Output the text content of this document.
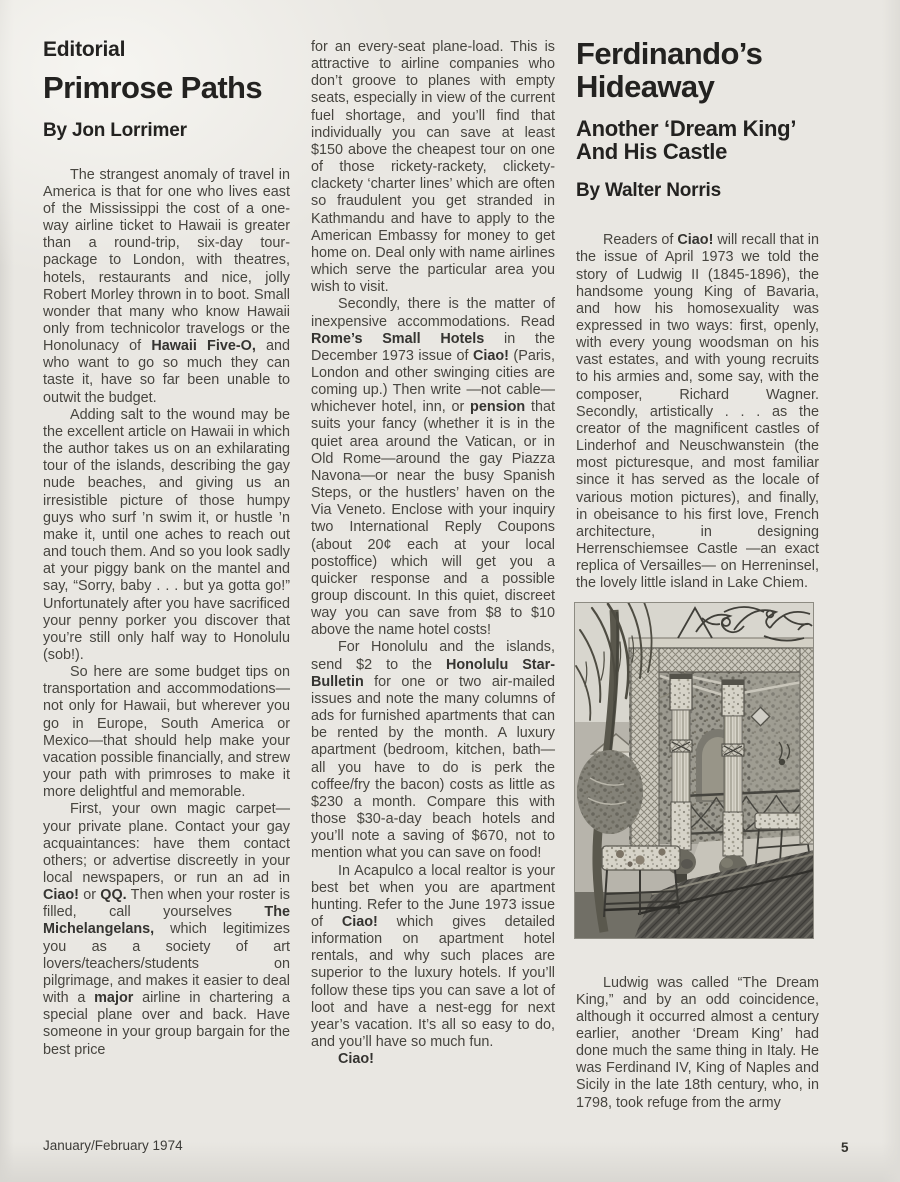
Editorial
Primrose Paths
By Jon Lorrimer

The strangest anomaly of travel in America is that for one who lives east of the Mississippi the cost of a one-way airline ticket to Hawaii is greater than a round-trip, six-day tour-package to London, with theatres, hotels, restaurants and nice, jolly Robert Morley thrown in to boot. Small wonder that many who know Hawaii only from technicolor travelogs or the Honolunacy of Hawaii Five-O, and who want to go so much they can taste it, have so far been unable to outwit the budget.

Adding salt to the wound may be the excellent article on Hawaii in which the author takes us on an exhilarating tour of the islands, describing the gay nude beaches, and giving us an irresistible picture of those humpy guys who surf ’n swim it, or hustle ’n make it, until one aches to reach out and touch them. And so you look sadly at your piggy bank on the mantel and say, “Sorry, baby . . . but ya gotta go!” Unfortunately after you have sacrificed your penny porker you discover that you’re still only half way to Honolulu (sob!).

So here are some budget tips on transportation and accommodations—not only for Hawaii, but wherever you go in Europe, South America or Mexico—that should help make your vacation possible financially, and strew your path with primroses to make it more delightful and memorable.

First, your own magic carpet—your private plane. Contact your gay acquaintances: have them contact others; or advertise discreetly in your local newspapers, or run an ad in Ciao! or QQ. Then when your roster is filled, call yourselves The Michelangelans, which legitimizes you as a society of art lovers/teachers/students on pilgrimage, and makes it easier to deal with a major airline in chartering a special plane over and back. Have someone in your group bargain for the best price

for an every-seat plane-load. This is attractive to airline companies who don’t groove to planes with empty seats, especially in view of the current fuel shortage, and you’ll find that individually you can save at least $150 above the cheapest tour on one of those rickety-rackety, clickety-clackety ‘charter lines’ which are often so fraudulent you get stranded in Kathmandu and have to apply to the American Embassy for money to get home on. Deal only with name airlines which serve the particular area you wish to visit.

Secondly, there is the matter of inexpensive accommodations. Read Rome’s Small Hotels in the December 1973 issue of Ciao! (Paris, London and other swinging cities are coming up.) Then write —not cable—whichever hotel, inn, or pension that suits your fancy (whether it is in the quiet area around the Vatican, or in Old Rome—around the gay Piazza Navona—or near the busy Spanish Steps, or the hustlers’ haven on the Via Veneto. Enclose with your inquiry two International Reply Coupons (about 20¢ each at your local postoffice) which will get you a quicker response and a possible group discount. In this quiet, discreet way you can save from $8 to $10 above the name hotel costs!

For Honolulu and the islands, send $2 to the Honolulu Star-Bulletin for one or two air-mailed issues and note the many columns of ads for furnished apartments that can be rented by the month. A luxury apartment (bedroom, kitchen, bath—all you have to do is perk the coffee/fry the bacon) costs as little as $230 a month. Compare this with those $30-a-day beach hotels and you’ll note a saving of $670, not to mention what you can save on food!

In Acapulco a local realtor is your best bet when you are apartment hunting. Refer to the June 1973 issue of Ciao! which gives detailed information on apartment hotel rentals, and why such places are superior to the luxury hotels. If you’ll follow these tips you can save a lot of loot and have a nest-egg for next year’s vacation. It’s all so easy to do, and you’ll have so much fun.

Ciao!

Ferdinando’s Hideaway
Another ‘Dream King’ And His Castle
By Walter Norris

Readers of Ciao! will recall that in the issue of April 1973 we told the story of Ludwig II (1845-1896), the handsome young King of Bavaria, and how his homosexuality was expressed in two ways: first, openly, with every young woodsman on his vast estates, and with young recruits to his armies and, some say, with the composer, Richard Wagner. Secondly, artistically . . . as the creator of the magnificent castles of Linderhof and Neuschwanstein (the most picturesque, and most familiar since it has served as the locale of various motion pictures), and finally, in obeisance to his first love, French architecture, in designing Herrenschiemsee Castle —an exact replica of Versailles— on Herreninsel, the lovely little island in Lake Chiem.

Ludwig was called “The Dream King,” and by an odd coincidence, although it occurred almost a century earlier, another ‘Dream King’ had done much the same thing in Italy. He was Ferdinand IV, King of Naples and Sicily in the late 18th century, who, in 1798, took refuge from the army

January/February 1974	5
